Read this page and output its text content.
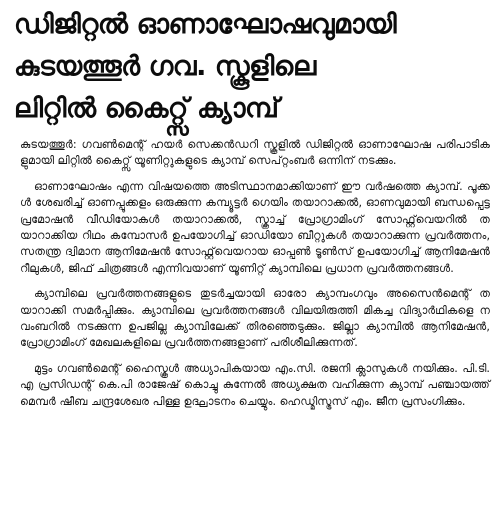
ഡിജിറ്റൽ ഓണാഘോഷവുമായി
കുടയത്തൂർ ഗവ. സ്കൂളിലെ
ലിറ്റിൽ കൈറ്റ്സ് ക്യാമ്പ്

കുടയത്തൂർ: ഗവൺമെന്റ് ഹയർ സെക്കൻഡറി സ്കൂളിൽ ഡിജിറ്റൽ ഓണാഘോഷ പരിപാടികളുമായി ലിറ്റിൽ കൈറ്റ്സ് യൂണിറ്റുകളുടെ ക്യാമ്പ് സെപ്റ്റംബർ ഒന്നിന് നടക്കും.

ഓണാഘോഷം എന്ന വിഷയത്തെ അടിസ്ഥാനമാക്കിയാണ് ഈ വർഷത്തെ ക്യാമ്പ്. പൂക്കൾ ശേഖരിച്ച് ഓണപ്പൂക്കളം ഒരുക്കുന്ന കമ്പ്യൂട്ടർ ഗെയിം തയാറാക്കൽ, ഓണവുമായി ബന്ധപ്പെട്ട പ്രമോഷൻ വീഡിയോകൾ തയാറാക്കൽ, സ്ക്രാച്ച് പ്രോഗ്രാമിംഗ് സോഫ്റ്റ്‌വെയറിൽ തയാറാക്കിയ റിഥം കമ്പോസർ ഉപയോഗിച്ച് ഓഡിയോ ബീറ്റുകൾ തയാറാക്കുന്ന പ്രവർത്തനം, സതന്ത്ര ദ്വിമാന ആനിമേഷൻ സോഫ്റ്റ്‌വെയറായ ഓപ്പൺ ടൂൺസ് ഉപയോഗിച്ച് ആനിമേഷൻ റീലുകൾ, ജിഫ് ചിത്രങ്ങൾ എന്നിവയാണ് യൂണിറ്റ് ക്യാമ്പിലെ പ്രധാന പ്രവർത്തനങ്ങൾ.

ക്യാമ്പിലെ പ്രവർത്തനങ്ങളുടെ തുടർച്ചയായി ഓരോ ക്യാമ്പംഗവും അസൈൻമെന്റ് തയാറാക്കി സമർപ്പിക്കും. ക്യാമ്പിലെ പ്രവർത്തനങ്ങൾ വിലയിരുത്തി മികച്ച വിദ്യാർഥികളെ നവംബറിൽ നടക്കുന്ന ഉപജില്ല ക്യാമ്പിലേക്ക് തിരഞ്ഞെടുക്കും. ജില്ലാ ക്യാമ്പിൽ ആനിമേഷൻ, പ്രോഗ്രാമിംഗ് മേഖലകളിലെ പ്രവർത്തനങ്ങളാണ് പരിശീലിക്കുന്നത്.

മുട്ടം ഗവൺമെന്റ് ഹൈസ്കൂൾ അധ്യാപികയായ എം.സി. രജനി ക്ലാസുകൾ നയിക്കും. പി.ടി.എ പ്രസിഡന്റ് കെ.പി രാജേഷ് കൊച്ചു കുന്നേൽ അധ്യക്ഷത വഹിക്കുന്ന ക്യാമ്പ് പഞ്ചായത്ത് മെമ്പർ ഷീബ ചന്ദ്രശേഖര പിള്ള ഉദ്ഘാടനം ചെയ്യും. ഹെഡ്മിസ്ട്രസ് എം. ജീന പ്രസംഗിക്കും.
